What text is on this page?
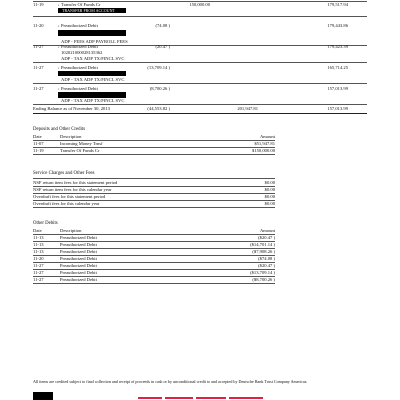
11-19	‹ Transfer Of Funds Cr	150,000.00	179,517.94
TRANSFER FROM ACCOUNT
11-20	‹ Preauthorized Debit	(74.08 )	179,443.86
ADP - FEES ADP PAYROLL FEES
11-27	‹ Preauthorized Debit	(20.47 )	179,423.39
102021000028135362
ADP - TAX ADP TX/FINCL SVC
11-27	‹ Preauthorized Debit	(13,709.14 )	165,714.25
ADP - TAX ADP TX/FINCL SVC
11-27	‹ Preauthorized Debit	(8,700.26 )	157,013.99
ADP - TAX ADP TX/FINCL SVC
Ending Balance as of November 30, 2013	(44,553.82 )	201,947.81	157,013.99
Deposits and Other Credits
Date	Description	Amount
11-07	Incoming Money Trnsf	$51,947.81
11-19	Transfer Of Funds Cr	$150,000.00
Service Charges and Other Fees
NSF return item fees for this statement period	$0.00
NSF return item fees for this calendar year	$0.00
Overdraft fees for this statement period	$0.00
Overdraft fees for this calendar year	$0.00
Other Debits
Date	Description	Amount
11-13	Preauthorized Debit	($20.47 )
11-13	Preauthorized Debit	($14,701.14 )
11-13	Preauthorized Debit	($7,908.26 )
11-20	Preauthorized Debit	($74.08 )
11-27	Preauthorized Debit	($20.47 )
11-27	Preauthorized Debit	($13,709.14 )
11-27	Preauthorized Debit	($8,700.26 )
All items are credited subject to final collection and receipt of proceeds in cash or by unconditional credit to and accepted by Deutsche Bank Trust Company Americas.
